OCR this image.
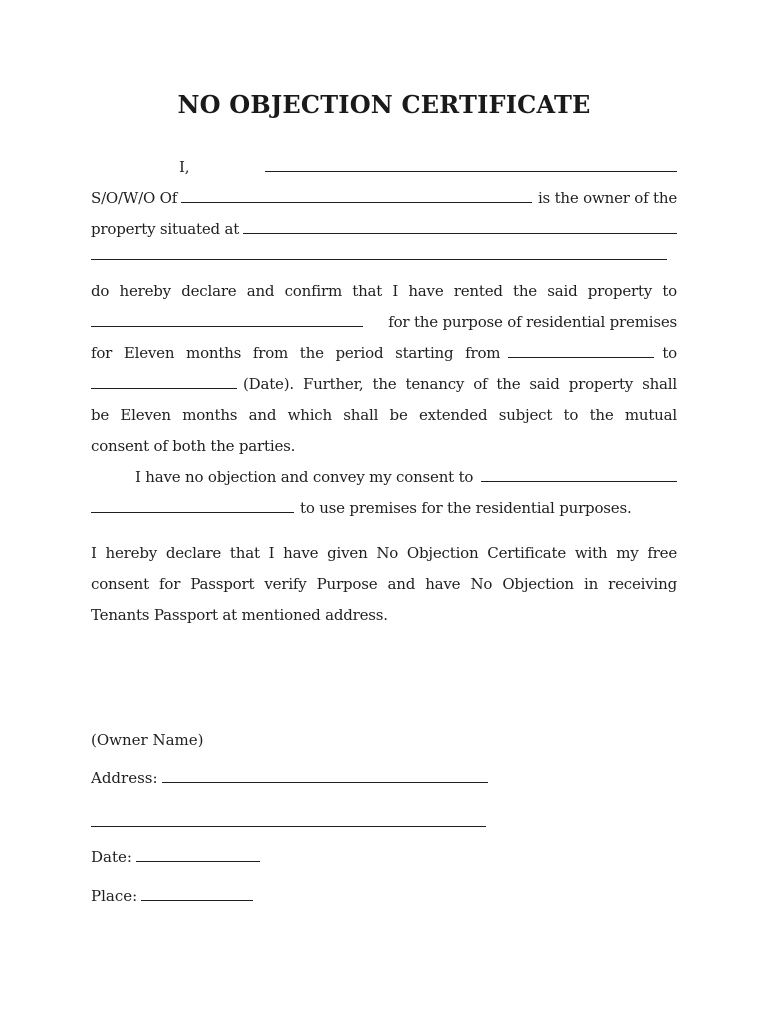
NO OBJECTION CERTIFICATE
I,
S/O/W/O Of	is the owner of the
property situated at
do hereby declare and confirm that I have rented the said property to
for the purpose of residential premises
for Eleven months from the period starting from	to
(Date). Further, the tenancy of the said property shall
be Eleven months and which shall be extended subject to the mutual
consent of both the parties.
I have no objection and convey my consent to
to use premises for the residential purposes.
I hereby declare that I have given No Objection Certificate with my free
consent for Passport verify Purpose and have No Objection in receiving
Tenants Passport at mentioned address.
(Owner Name)
Address:
Date:
Place:
